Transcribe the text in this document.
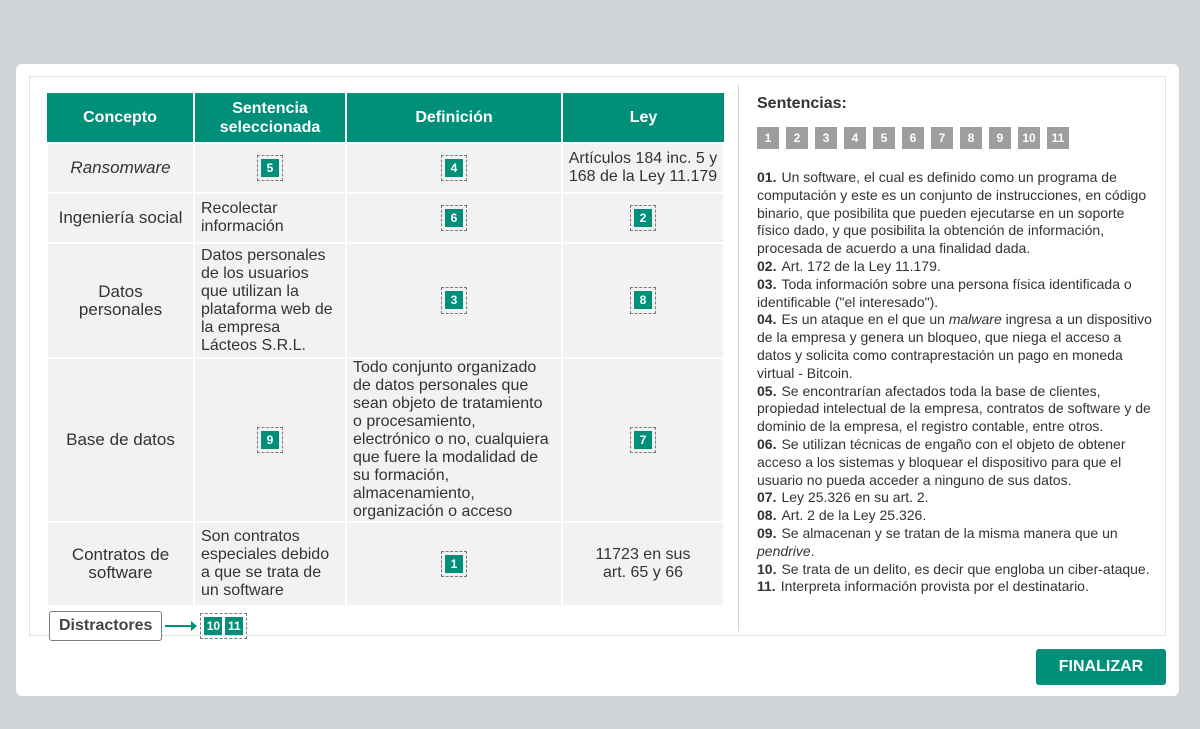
Concepto	Sentencia seleccionada	Definición	Ley
Ransomware	5	4	Artículos 184 inc. 5 y 168 de la Ley 11.179
Ingeniería social	Recolectar información	6	2
Datos personales	Datos personales de los usuarios que utilizan la plataforma web de la empresa Lácteos S.R.L.	3	8
Base de datos	9	Todo conjunto organizado de datos personales que sean objeto de tratamiento o procesamiento, electrónico o no, cualquiera que fuere la modalidad de su formación, almacenamiento, organización o acceso	7
Contratos de software	Son contratos especiales debido a que se trata de un software	1	11723 en sus art. 65 y 66
Distractores	10 11
Sentencias:
1	2	3	4	5	6	7	8	9	10	11

01. Un software, el cual es definido como un programa de computación y este es un conjunto de instrucciones, en código binario, que posibilita que pueden ejecutarse en un soporte físico dado, y que posibilita la obtención de información, procesada de acuerdo a una finalidad dada.

02. Art. 172 de la Ley 11.179.

03. Toda información sobre una persona física identificada o identificable ("el interesado").

04. Es un ataque en el que un malware ingresa a un dispositivo de la empresa y genera un bloqueo, que niega el acceso a datos y solicita como contraprestación un pago en moneda virtual - Bitcoin.

05. Se encontrarían afectados toda la base de clientes, propiedad intelectual de la empresa, contratos de software y de dominio de la empresa, el registro contable, entre otros.

06. Se utilizan técnicas de engaño con el objeto de obtener acceso a los sistemas y bloquear el dispositivo para que el usuario no pueda acceder a ninguno de sus datos.

07. Ley 25.326 en su art. 2.

08. Art. 2 de la Ley 25.326.

09. Se almacenan y se tratan de la misma manera que un pendrive.

10. Se trata de un delito, es decir que engloba un ciber-ataque.

11. Interpreta información provista por el destinatario.

FINALIZAR
